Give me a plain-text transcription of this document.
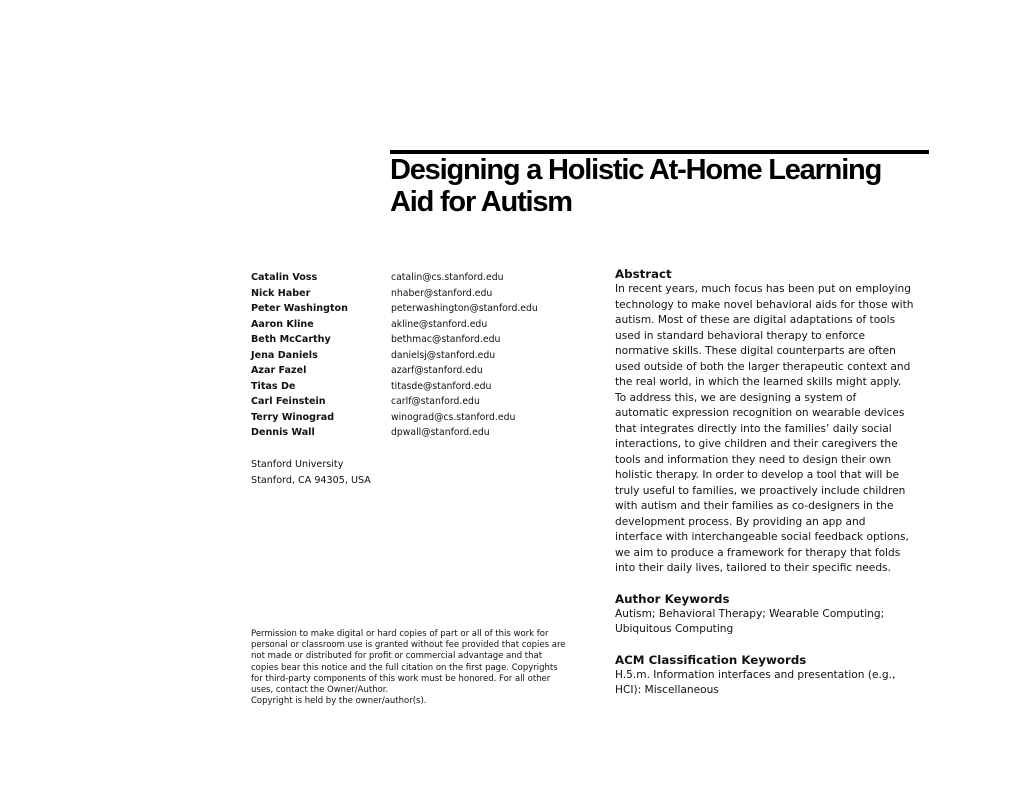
Designing a Holistic At-Home Learning
Aid for Autism
Catalin Voss	catalin@cs.stanford.edu
Nick Haber	nhaber@stanford.edu
Peter Washington	peterwashington@stanford.edu
Aaron Kline	akline@stanford.edu
Beth McCarthy	bethmac@stanford.edu
Jena Daniels	danielsj@stanford.edu
Azar Fazel	azarf@stanford.edu
Titas De	titasde@stanford.edu
Carl Feinstein	carlf@stanford.edu
Terry Winograd	winograd@cs.stanford.edu
Dennis Wall	dpwall@stanford.edu
Stanford University
Stanford, CA 94305, USA
Permission to make digital or hard copies of part or all of this work for
personal or classroom use is granted without fee provided that copies are
not made or distributed for profit or commercial advantage and that
copies bear this notice and the full citation on the first page. Copyrights
for third-party components of this work must be honored. For all other
uses, contact the Owner/Author.
Copyright is held by the owner/author(s).
Abstract
In recent years, much focus has been put on employing
technology to make novel behavioral aids for those with
autism. Most of these are digital adaptations of tools
used in standard behavioral therapy to enforce
normative skills. These digital counterparts are often
used outside of both the larger therapeutic context and
the real world, in which the learned skills might apply.
To address this, we are designing a system of
automatic expression recognition on wearable devices
that integrates directly into the families’ daily social
interactions, to give children and their caregivers the
tools and information they need to design their own
holistic therapy. In order to develop a tool that will be
truly useful to families, we proactively include children
with autism and their families as co-designers in the
development process. By providing an app and
interface with interchangeable social feedback options,
we aim to produce a framework for therapy that folds
into their daily lives, tailored to their specific needs.
Author Keywords
Autism; Behavioral Therapy; Wearable Computing;
Ubiquitous Computing
ACM Classification Keywords
H.5.m. Information interfaces and presentation (e.g.,
HCI): Miscellaneous
